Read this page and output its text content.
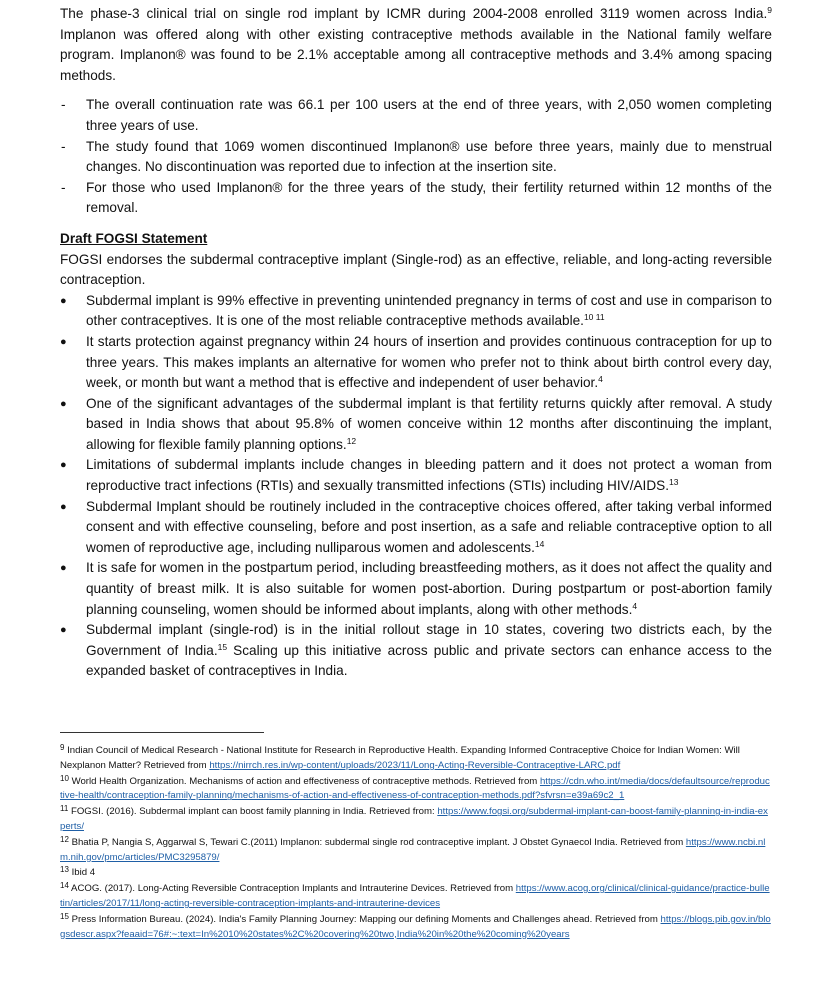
The phase-3 clinical trial on single rod implant by ICMR during 2004-2008 enrolled 3119 women across India.$^9$ Implanon was offered along with other existing contraceptive methods available in the National family welfare program. Implanon® was found to be 2.1% acceptable among all contraceptive methods and 3.4% among spacing methods.

- The overall continuation rate was 66.1 per 100 users at the end of three years, with 2,050 women completing three years of use.
- The study found that 1069 women discontinued Implanon® use before three years, mainly due to menstrual changes. No discontinuation was reported due to infection at the insertion site.
- For those who used Implanon® for the three years of the study, their fertility returned within 12 months of the removal.
Draft FOGSI Statement

FOGSI endorses the subdermal contraceptive implant (Single-rod) as an effective, reliable, and long-acting reversible contraception.

● Subdermal implant is 99% effective in preventing unintended pregnancy in terms of cost and use in comparison to other contraceptives. It is one of the most reliable contraceptive methods available.$^{10 11}$
● It starts protection against pregnancy within 24 hours of insertion and provides continuous contraception for up to three years. This makes implants an alternative for women who prefer not to think about birth control every day, week, or month but want a method that is effective and independent of user behavior.$^4$
● One of the significant advantages of the subdermal implant is that fertility returns quickly after removal. A study based in India shows that about 95.8% of women conceive within 12 months after discontinuing the implant, allowing for flexible family planning options.$^{12}$
● Limitations of subdermal implants include changes in bleeding pattern and it does not protect a woman from reproductive tract infections (RTIs) and sexually transmitted infections (STIs) including HIV/AIDS.$^{13}$
● Subdermal Implant should be routinely included in the contraceptive choices offered, after taking verbal informed consent and with effective counseling, before and post insertion, as a safe and reliable contraceptive option to all women of reproductive age, including nulliparous women and adolescents.$^{14}$
● It is safe for women in the postpartum period, including breastfeeding mothers, as it does not affect the quality and quantity of breast milk. It is also suitable for women post-abortion. During postpartum or post-abortion family planning counseling, women should be informed about implants, along with other methods.$^4$
● Subdermal implant (single-rod) is in the initial rollout stage in 10 states, covering two districts each, by the Government of India.$^{15}$ Scaling up this initiative across public and private sectors can enhance access to the expanded basket of contraceptives in India.

$^9$ Indian Council of Medical Research - National Institute for Research in Reproductive Health. Expanding Informed Contraceptive Choice for Indian Women: Will Nexplanon Matter? Retrieved from https://nirrch.res.in/wp-content/uploads/2023/11/Long-Acting-Reversible-Contraceptive-LARC.pdf

$^{10}$ World Health Organization. Mechanisms of action and effectiveness of contraceptive methods. Retrieved from https://cdn.who.int/media/docs/defaultsource/reproductive-health/contraception-family-planning/mechanisms-of-action-and-effectiveness-of-contraception-methods.pdf?sfvrsn=e39a69c2_1

$^{11}$ FOGSI. (2016). Subdermal implant can boost family planning in India. Retrieved from: https://www.fogsi.org/subdermal-implant-can-boost-family-planning-in-india-experts/

$^{12}$ Bhatia P, Nangia S, Aggarwal S, Tewari C.(2011) Implanon: subdermal single rod contraceptive implant. J Obstet Gynaecol India. Retrieved from https://www.ncbi.nlm.nih.gov/pmc/articles/PMC3295879/

$^{13}$ Ibid 4

$^{14}$ ACOG. (2017). Long-Acting Reversible Contraception Implants and Intrauterine Devices. Retrieved from https://www.acog.org/clinical/clinical-guidance/practice-bulletin/articles/2017/11/long-acting-reversible-contraception-implants-and-intrauterine-devices

$^{15}$ Press Information Bureau. (2024). India's Family Planning Journey: Mapping our defining Moments and Challenges ahead. Retrieved from https://blogs.pib.gov.in/blogsdescr.aspx?feaaid=76#:~:text=In%2010%20states%2C%20covering%20two,India%20in%20the%20coming%20years
